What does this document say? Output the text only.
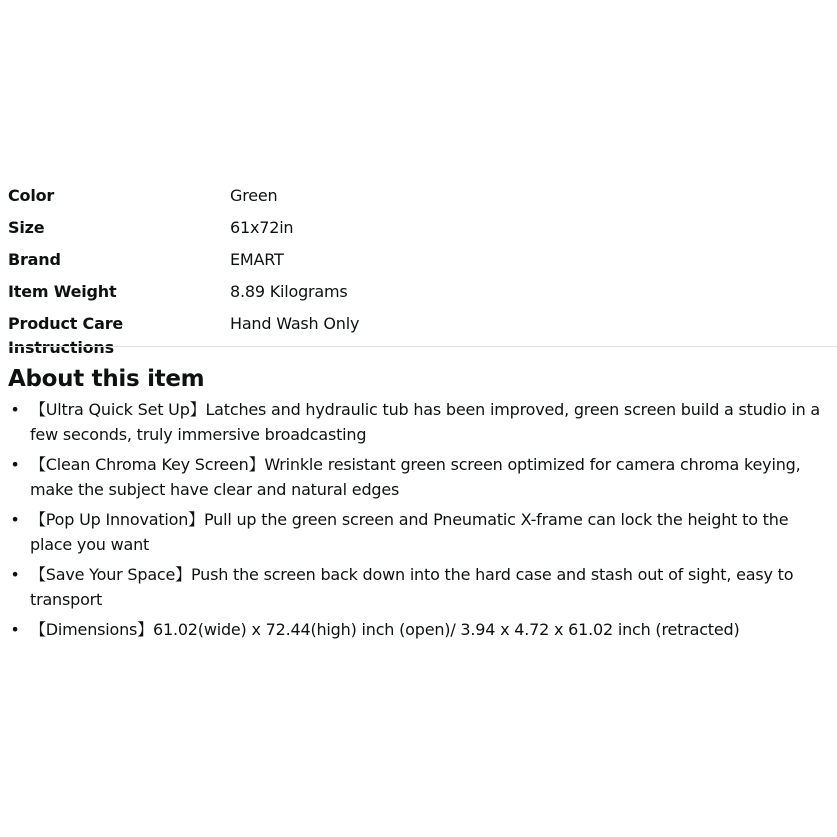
Color	Green
Size	61x72in
Brand	EMART
Item Weight	8.89 Kilograms
Product Care Instructions	Hand Wash Only
About this item
• 【Ultra Quick Set Up】Latches and hydraulic tub has been improved, green screen build a studio in a few seconds, truly immersive broadcasting
• 【Clean Chroma Key Screen】Wrinkle resistant green screen optimized for camera chroma keying, make the subject have clear and natural edges
• 【Pop Up Innovation】Pull up the green screen and Pneumatic X-frame can lock the height to the place you want
• 【Save Your Space】Push the screen back down into the hard case and stash out of sight, easy to transport
• 【Dimensions】61.02(wide) x 72.44(high) inch (open)/ 3.94 x 4.72 x 61.02 inch (retracted)
